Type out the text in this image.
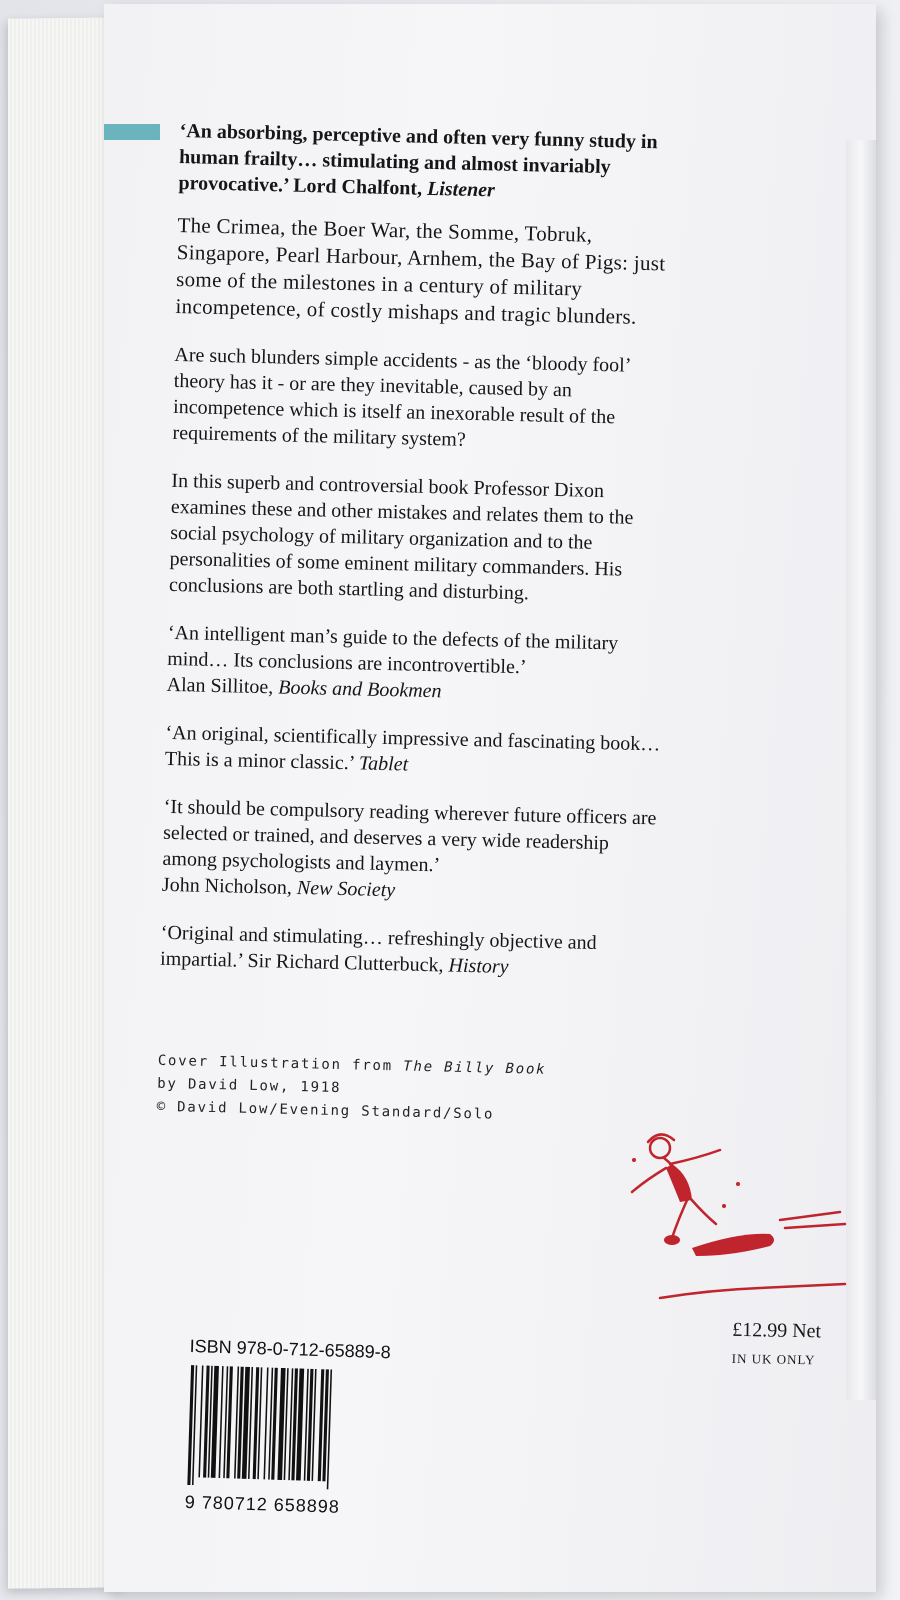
‘An absorbing, perceptive and often very funny study in human frailty… stimulating and almost invariably provocative.’ Lord Chalfont, Listener

The Crimea, the Boer War, the Somme, Tobruk, Singapore, Pearl Harbour, Arnhem, the Bay of Pigs: just some of the milestones in a century of military incompetence, of costly mishaps and tragic blunders.

Are such blunders simple accidents - as the ‘bloody fool’ theory has it - or are they inevitable, caused by an incompetence which is itself an inexorable result of the requirements of the military system?

In this superb and controversial book Professor Dixon examines these and other mistakes and relates them to the social psychology of military organization and to the personalities of some eminent military commanders. His conclusions are both startling and disturbing.

‘An intelligent man’s guide to the defects of the military mind… Its conclusions are incontrovertible.’
Alan Sillitoe, Books and Bookmen

‘An original, scientifically impressive and fascinating book… This is a minor classic.’ Tablet

‘It should be compulsory reading wherever future officers are selected or trained, and deserves a very wide readership among psychologists and laymen.’
John Nicholson, New Society

‘Original and stimulating… refreshingly objective and impartial.’ Sir Richard Clutterbuck, History

Cover Illustration from The Billy Book
by David Low, 1918
© David Low/Evening Standard/Solo
£12.99 Net
IN UK ONLY
ISBN 978-0-712-65889-8
9 780712 658898
